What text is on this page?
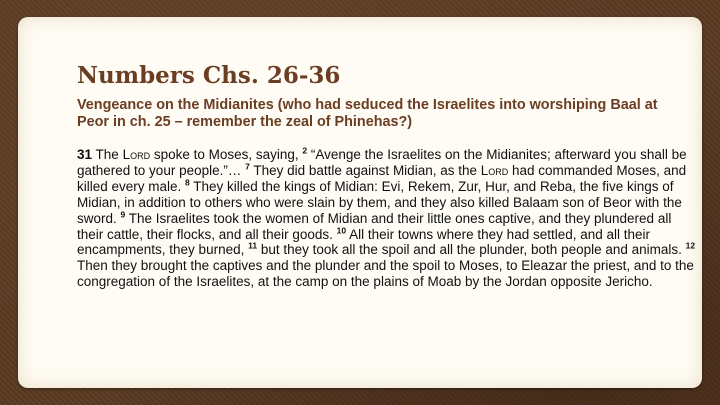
Numbers Chs. 26-36

Vengeance on the Midianites (who had seduced the Israelites into worshiping Baal at Peor in ch. 25 – remember the zeal of Phinehas?)

31 The Lord spoke to Moses, saying, $^2$ “Avenge the Israelites on the Midianites; afterward you shall be gathered to your people.”… $^7$ They did battle against Midian, as the Lord had commanded Moses, and killed every male. $^8$ They killed the kings of Midian: Evi, Rekem, Zur, Hur, and Reba, the five kings of Midian, in addition to others who were slain by them, and they also killed Balaam son of Beor with the sword. $^9$ The Israelites took the women of Midian and their little ones captive, and they plundered all their cattle, their flocks, and all their goods. $^{10}$ All their towns where they had settled, and all their encampments, they burned, $^{11}$ but they took all the spoil and all the plunder, both people and animals. $^{12}$ Then they brought the captives and the plunder and the spoil to Moses, to Eleazar the priest, and to the congregation of the Israelites, at the camp on the plains of Moab by the Jordan opposite Jericho.
